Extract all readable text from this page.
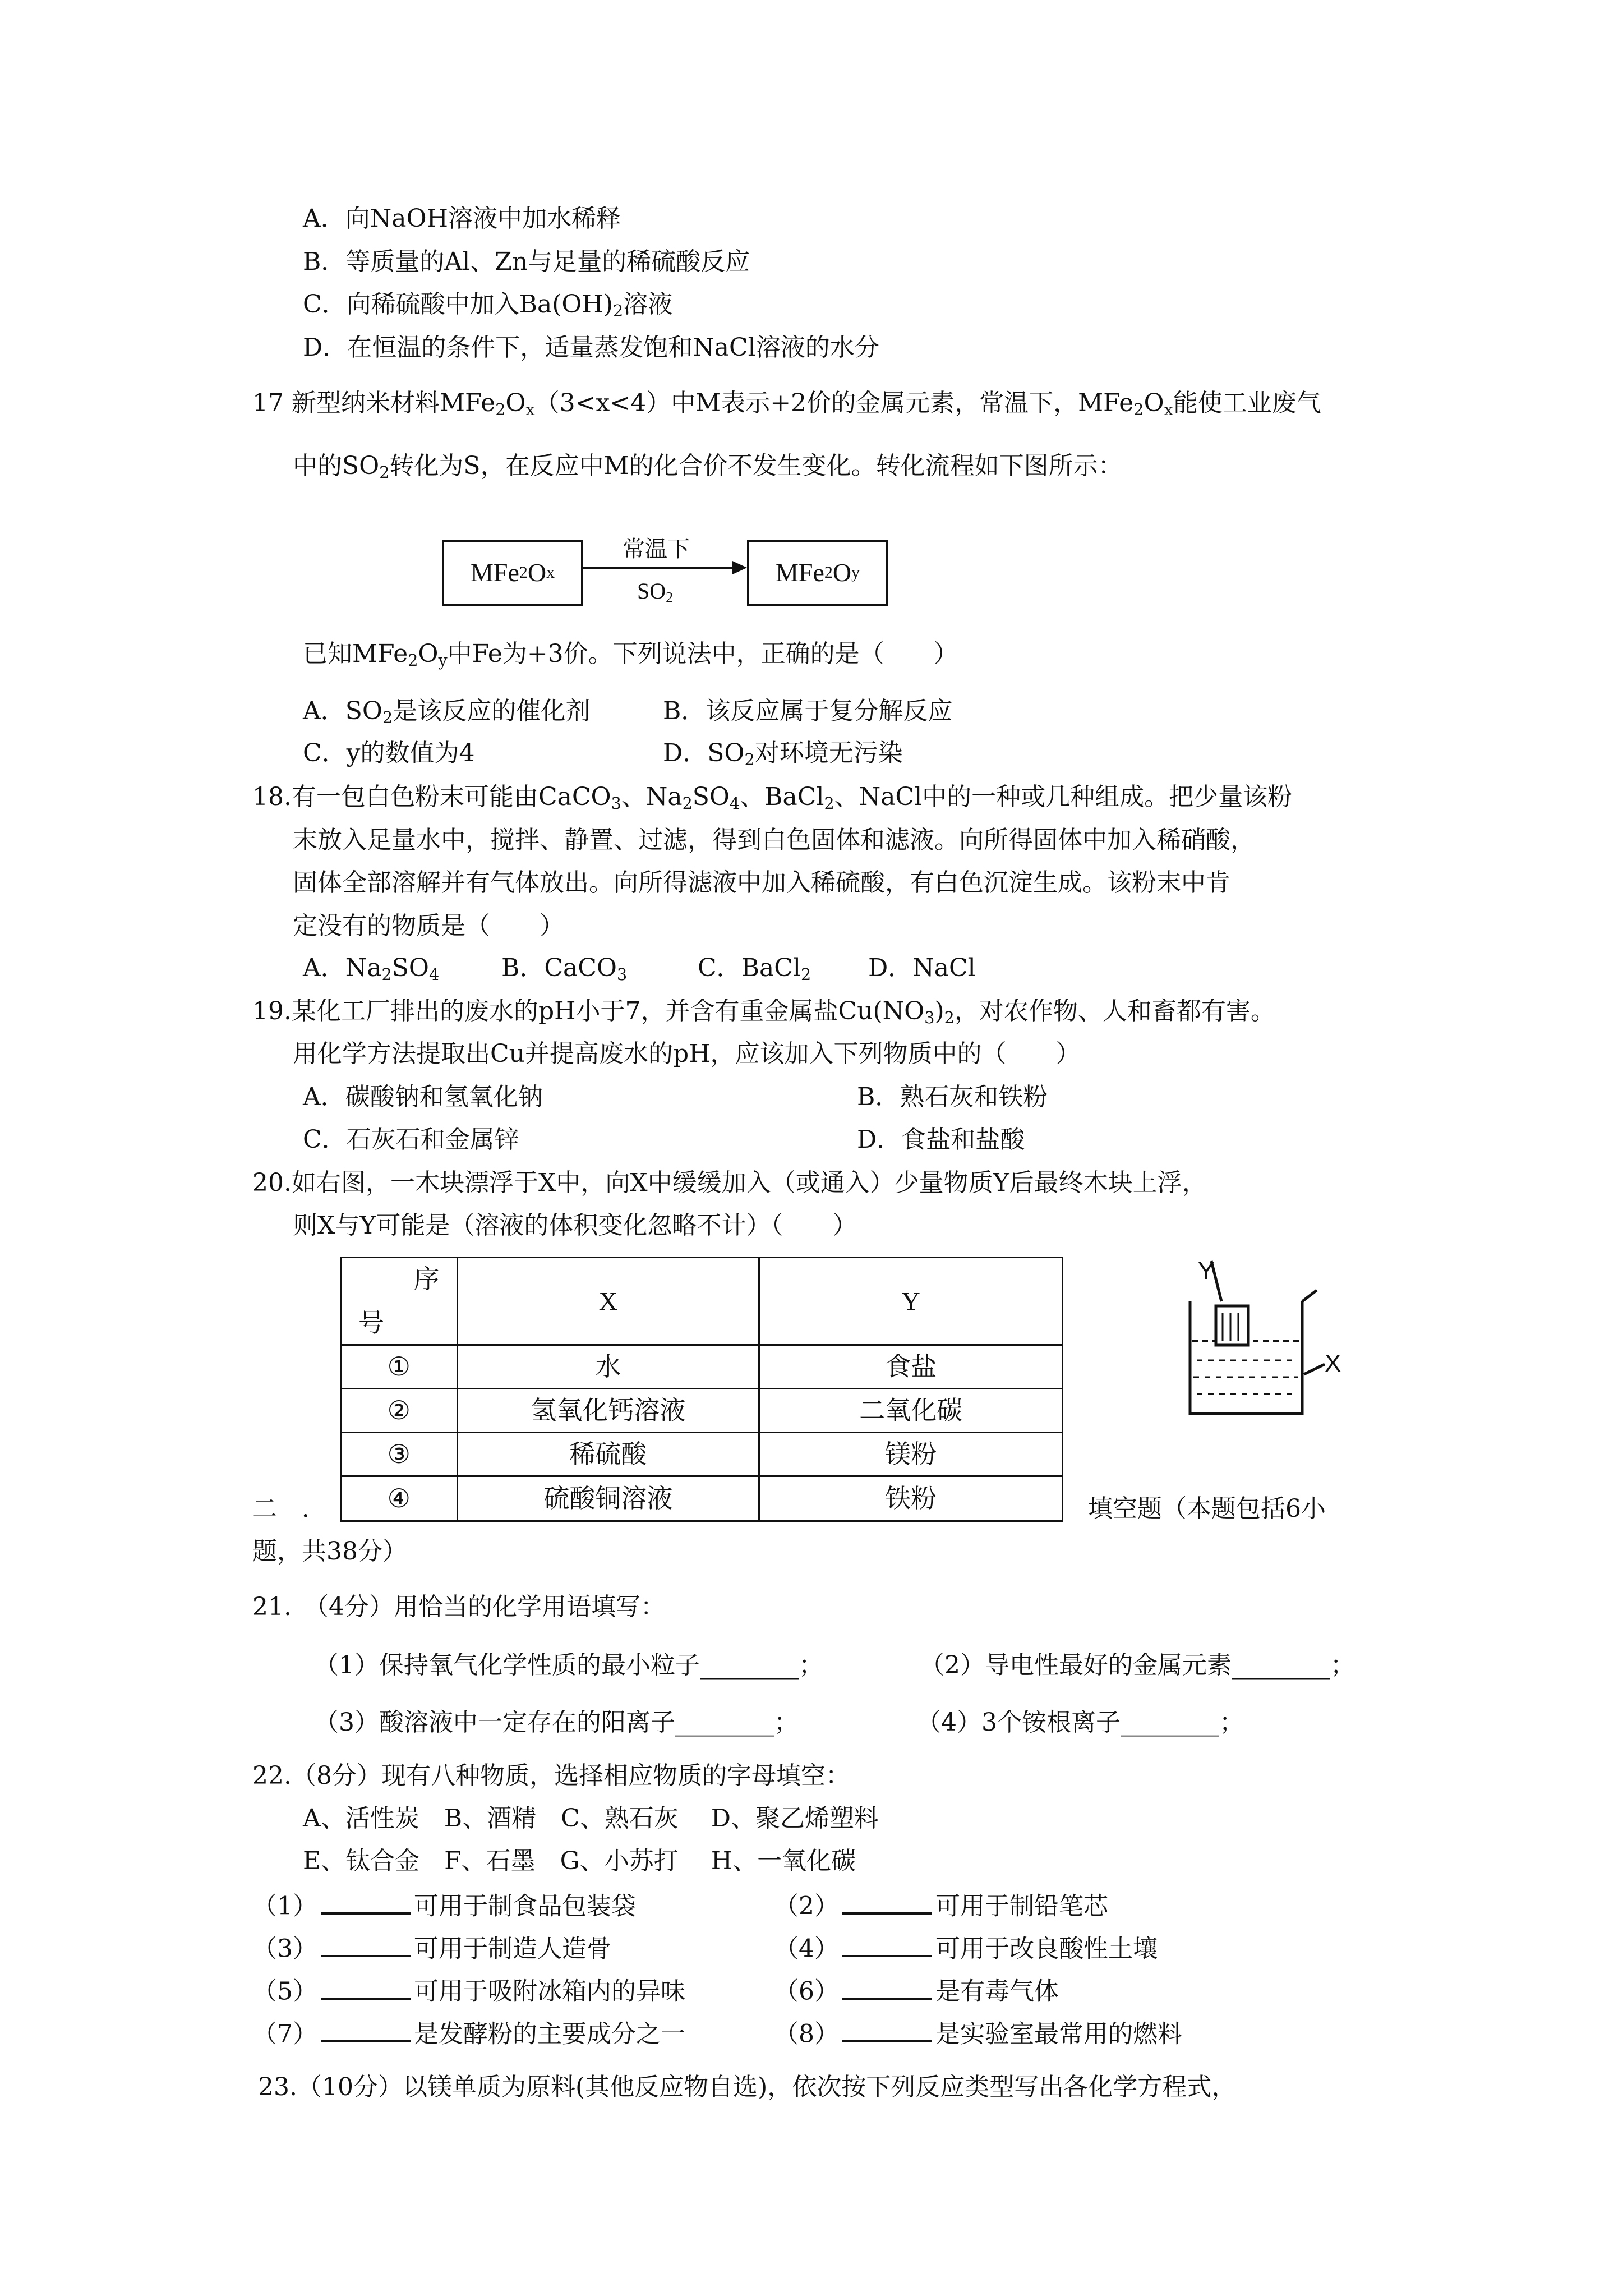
A．向NaOH溶液中加水稀释
B．等质量的Al、Zn与足量的稀硫酸反应
C．向稀硫酸中加入$Ba(OH)_2$溶液
D．在恒温的条件下，适量蒸发饱和NaCl溶液的水分
17 新型纳米材料$MFe_2O_x(3<x<4)$中M表示+2价的金属元素，常温下，$MFe_2O_x$能使工业废气
中的$SO_2$转化为S，在反应中M的化合价不发生变化。转化流程如下图所示：
MFe 2 O x
常温下
$SO_2$
MFe 2 O y
已知$MFe_2O_y$中Fe为+3价。下列说法中，正确的是（　　）
A．$SO_2$是该反应的催化剂	B．该反应属于复分解反应
C．y的数值为4	D．$SO_2$对环境无污染
18.有一包白色粉末可能由CaCO$_3$、$Na_2SO_4$、BaCl$_2$、NaCl中的一种或几种组成。把少量该粉
末放入足量水中，搅拌、静置、过滤，得到白色固体和滤液。向所得固体中加入稀硝酸，
固体全部溶解并有气体放出。向所得滤液中加入稀硫酸，有白色沉淀生成。该粉末中肯
定没有的物质是（　　）
A．$Na_2SO_4$	B．CaCO$_3$	C．BaCl$_2$ D．NaCl
19.某化工厂排出的废水的pH小于7，并含有重金属盐$Cu(NO_3)_2$，对农作物、人和畜都有害。
用化学方法提取出Cu并提高废水的pH，应该加入下列物质中的（　　）
A．碳酸钠和氢氧化钠	B．熟石灰和铁粉
C．石灰石和金属锌	D．食盐和盐酸
20.如右图，一木块漂浮于X中，向X中缓缓加入（或通入）少量物质Y后最终木块上浮，
则X与Y可能是（溶液的体积变化忽略不计）（　　）
序
号	X	Y
①	水	食盐
②	氢氧化钙溶液	二氧化碳
③	稀硫酸	镁粉
④	硫酸铜溶液	铁粉
Y
X
二　．	填空题（本题包括6小
题，共38分）
21.　（4分）用恰当的化学用语填写：
（1）保持氧气化学性质的最小粒子________；	（2）导电性最好的金属元素________；
（3）酸溶液中一定存在的阳离子________；	（4）3个铵根离子________；
22.（8分）现有八种物质，选择相应物质的字母填空：
A、活性炭　B、酒精　C、熟石灰　 D、聚乙烯塑料
E、钛合金　F、石墨　G、小苏打　 H、一氧化碳
（1）	可用于制食品包装袋	（2）	可用于制铅笔芯
（3）	可用于制造人造骨	（4）	可用于改良酸性土壤
（5）	可用于吸附冰箱内的异味	（6）	是有毒气体
（7）	是发酵粉的主要成分之一	（8）	是实验室最常用的燃料
23.（10分）以镁单质为原料(其他反应物自选)，依次按下列反应类型写出各化学方程式，
